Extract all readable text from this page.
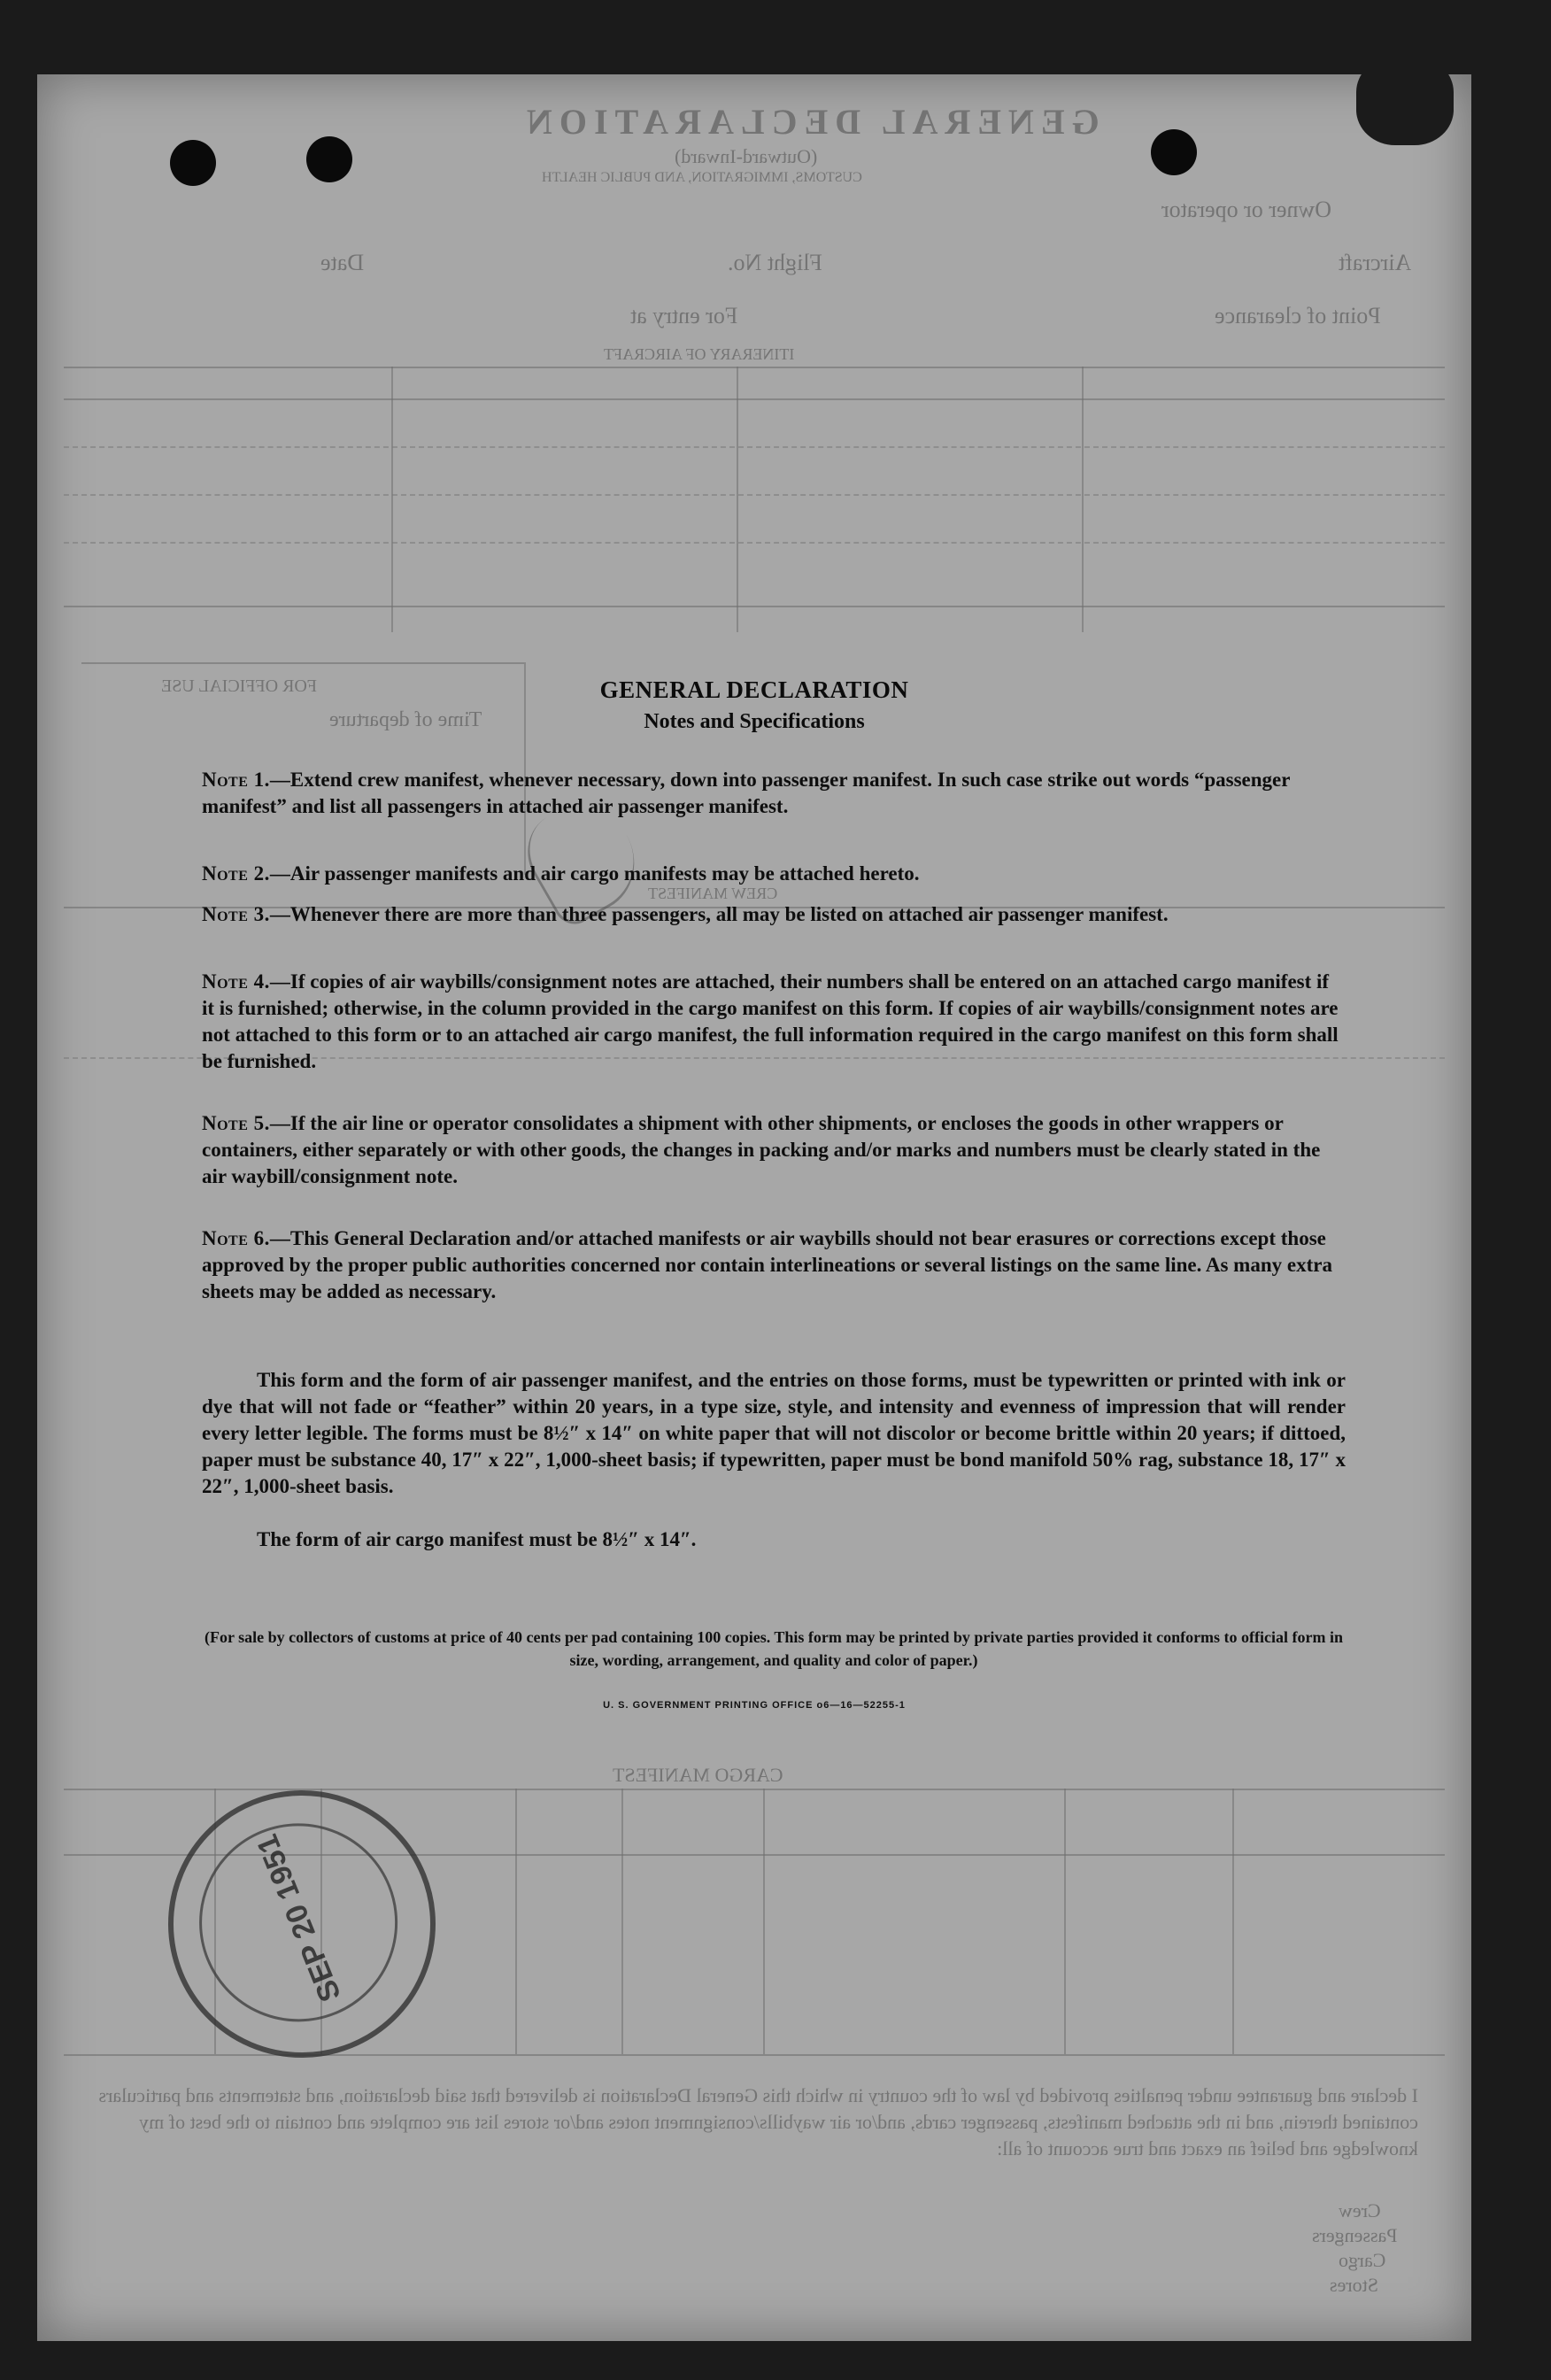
GENERAL DECLARATION
(Outward-Inward)
CUSTOMS, IMMIGRATION, AND PUBLIC HEALTH
Owner or operator
Aircraft
Flight No.
Date
Point of clearance
For entry at
ITINERARY OF AIRCRAFT
FOR OFFICIAL USE
Time of departure
CREW MANIFEST
CARGO MANIFEST
I declare and guarantee under penalties provided by law of the country in which this General Declaration is delivered that said declaration, and statements and particulars contained therein, and in the attached manifests, passenger cards, and/or air waybills/consignment notes and/or stores list are complete and contain to the best of my knowledge and belief an exact and true account of all:
Crew
Passengers
Cargo
Stores
SEP 20 1951
GENERAL DECLARATION
Notes and Specifications
Note 1.—Extend crew manifest, whenever necessary, down into passenger manifest. In such case strike out words “passenger manifest” and list all passengers in attached air passenger manifest.
Note 2.—Air passenger manifests and air cargo manifests may be attached hereto.
Note 3.—Whenever there are more than three passengers, all may be listed on attached air passenger manifest.
Note 4.—If copies of air waybills/consignment notes are attached, their numbers shall be entered on an attached cargo manifest if it is furnished; otherwise, in the column provided in the cargo manifest on this form. If copies of air waybills/consignment notes are not attached to this form or to an attached air cargo manifest, the full information required in the cargo manifest on this form shall be furnished.
Note 5.—If the air line or operator consolidates a shipment with other shipments, or encloses the goods in other wrappers or containers, either separately or with other goods, the changes in packing and/or marks and numbers must be clearly stated in the air waybill/consignment note.
Note 6.—This General Declaration and/or attached manifests or air waybills should not bear erasures or corrections except those approved by the proper public authorities concerned nor contain interlineations or several listings on the same line. As many extra sheets may be added as necessary.
This form and the form of air passenger manifest, and the entries on those forms, must be typewritten or printed with ink or dye that will not fade or “feather” within 20 years, in a type size, style, and intensity and evenness of impression that will render every letter legible. The forms must be 8½″ x 14″ on white paper that will not discolor or become brittle within 20 years; if dittoed, paper must be substance 40, 17″ x 22″, 1,000-sheet basis; if typewritten, paper must be bond manifold 50% rag, substance 18, 17″ x 22″, 1,000-sheet basis.
The form of air cargo manifest must be 8½″ x 14″.
(For sale by collectors of customs at price of 40 cents per pad containing 100 copies. This form may be printed by private parties provided it conforms to official form in size, wording, arrangement, and quality and color of paper.)
U. S. GOVERNMENT PRINTING OFFICE o6—16—52255-1
